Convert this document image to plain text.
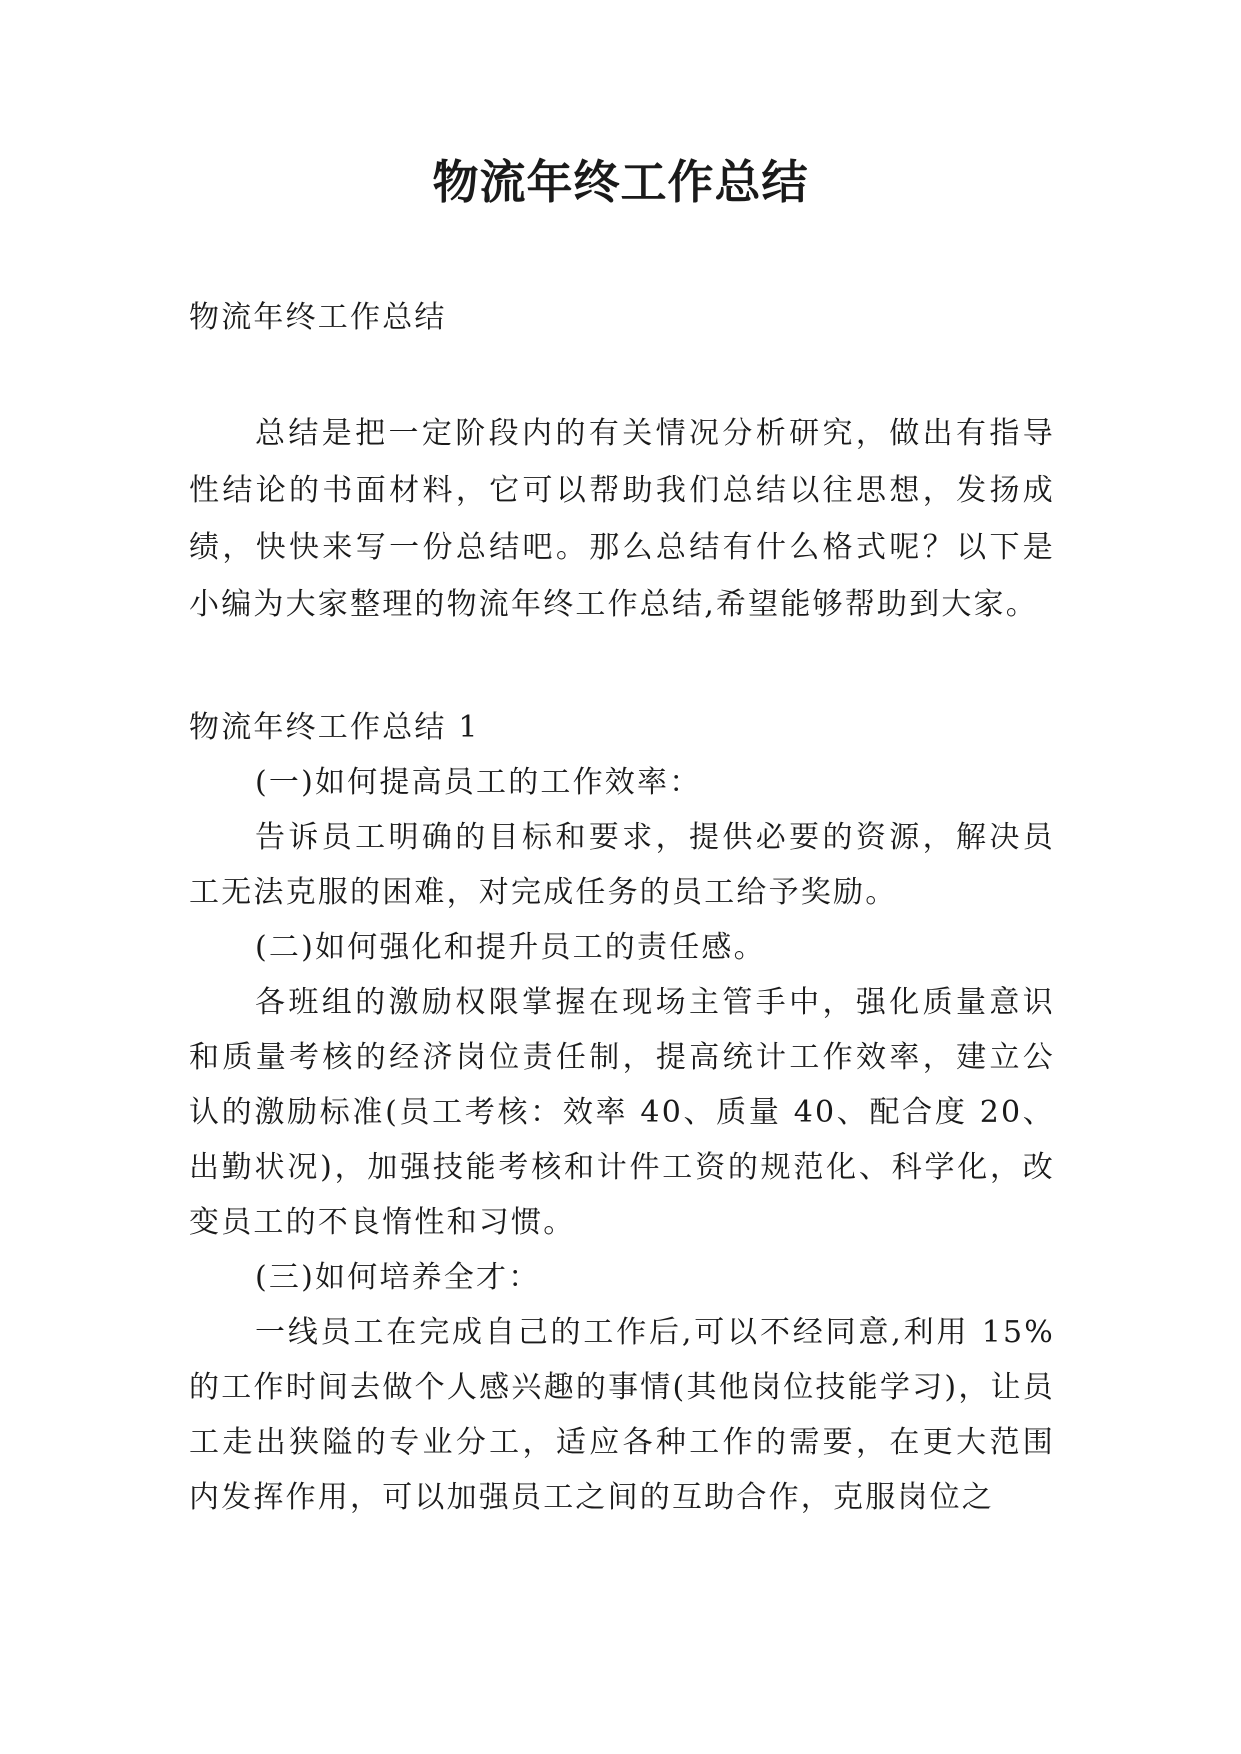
物流年终工作总结

物流年终工作总结

总结是把一定阶段内的有关情况分析研究，做出有指导性结论的书面材料，它可以帮助我们总结以往思想，发扬成绩，快快来写一份总结吧。那么总结有什么格式呢？以下是小编为大家整理的物流年终工作总结,希望能够帮助到大家。

物流年终工作总结 1

(一)如何提高员工的工作效率：

告诉员工明确的目标和要求，提供必要的资源，解决员工无法克服的困难，对完成任务的员工给予奖励。

(二)如何强化和提升员工的责任感。

各班组的激励权限掌握在现场主管手中，强化质量意识和质量考核的经济岗位责任制，提高统计工作效率，建立公认的激励标准(员工考核：效率 40、质量 40、配合度 20、出勤状况)，加强技能考核和计件工资的规范化、科学化，改变员工的不良惰性和习惯。

(三)如何培养全才：

一线员工在完成自己的工作后,可以不经同意,利用 15%的工作时间去做个人感兴趣的事情(其他岗位技能学习)，让员工走出狭隘的专业分工，适应各种工作的需要，在更大范围内发挥作用，可以加强员工之间的互助合作，克服岗位之
